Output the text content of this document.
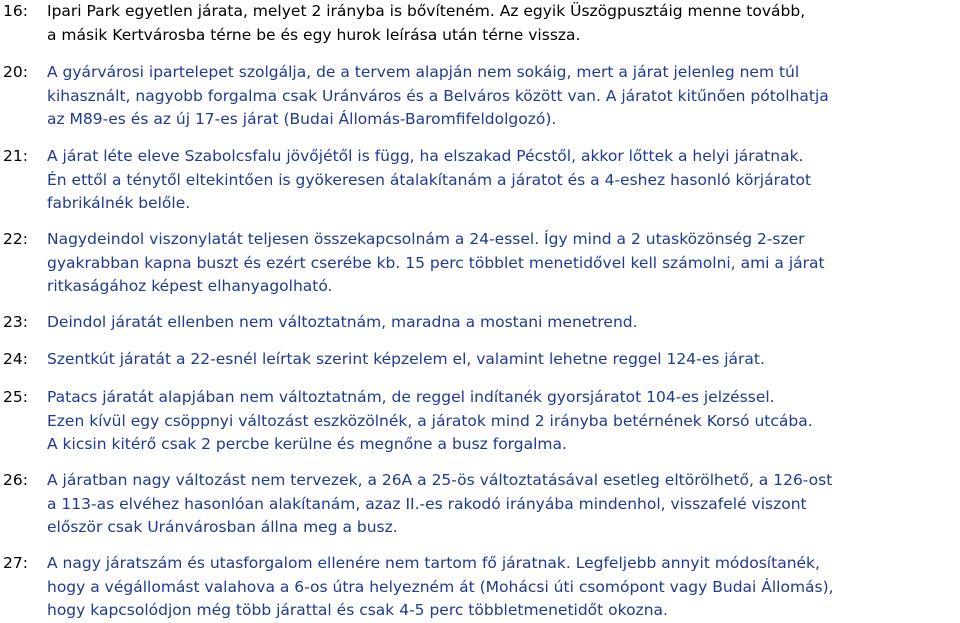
16:	Ipari Park egyetlen járata, melyet 2 irányba is bővíteném. Az egyik Üszögpusztáig menne tovább,
a másik Kertvárosba térne be és egy hurok leírása után térne vissza.
20:	A gyárvárosi ipartelepet szolgálja, de a tervem alapján nem sokáig, mert a járat jelenleg nem túl
kihasznált, nagyobb forgalma csak Uránváros és a Belváros között van. A járatot kitűnően pótolhatja
az M89-es és az új 17-es járat (Budai Állomás-Baromfifeldolgozó).
21:	A járat léte eleve Szabolcsfalu jövőjétől is függ, ha elszakad Pécstől, akkor lőttek a helyi járatnak.
Én ettől a ténytől eltekintően is gyökeresen átalakítanám a járatot és a 4-eshez hasonló körjáratot
fabrikálnék belőle.
22:	Nagydeindol viszonylatát teljesen összekapcsolnám a 24-essel. Így mind a 2 utasközönség 2-szer
gyakrabban kapna buszt és ezért cserébe kb. 15 perc többlet menetidővel kell számolni, ami a járat
ritkaságához képest elhanyagolható.
23:	Deindol járatát ellenben nem változtatnám, maradna a mostani menetrend.
24:	Szentkút járatát a 22-esnél leírtak szerint képzelem el, valamint lehetne reggel 124-es járat.
25:	Patacs járatát alapjában nem változtatnám, de reggel indítanék gyorsjáratot 104-es jelzéssel.
Ezen kívül egy csöppnyi változást eszközölnék, a járatok mind 2 irányba betérnének Korsó utcába.
A kicsin kitérő csak 2 percbe kerülne és megnőne a busz forgalma.
26:	A járatban nagy változást nem tervezek, a 26A a 25-ös változtatásával esetleg eltörölhető, a 126-ost
a 113-as elvéhez hasonlóan alakítanám, azaz II.-es rakodó irányába mindenhol, visszafelé viszont
először csak Uránvárosban állna meg a busz.
27:	A nagy járatszám és utasforgalom ellenére nem tartom fő járatnak. Legfeljebb annyit módosítanék,
hogy a végállomást valahova a 6-os útra helyezném át (Mohácsi úti csomópont vagy Budai Állomás),
hogy kapcsolódjon még több járattal és csak 4-5 perc többletmenetidőt okozna.
